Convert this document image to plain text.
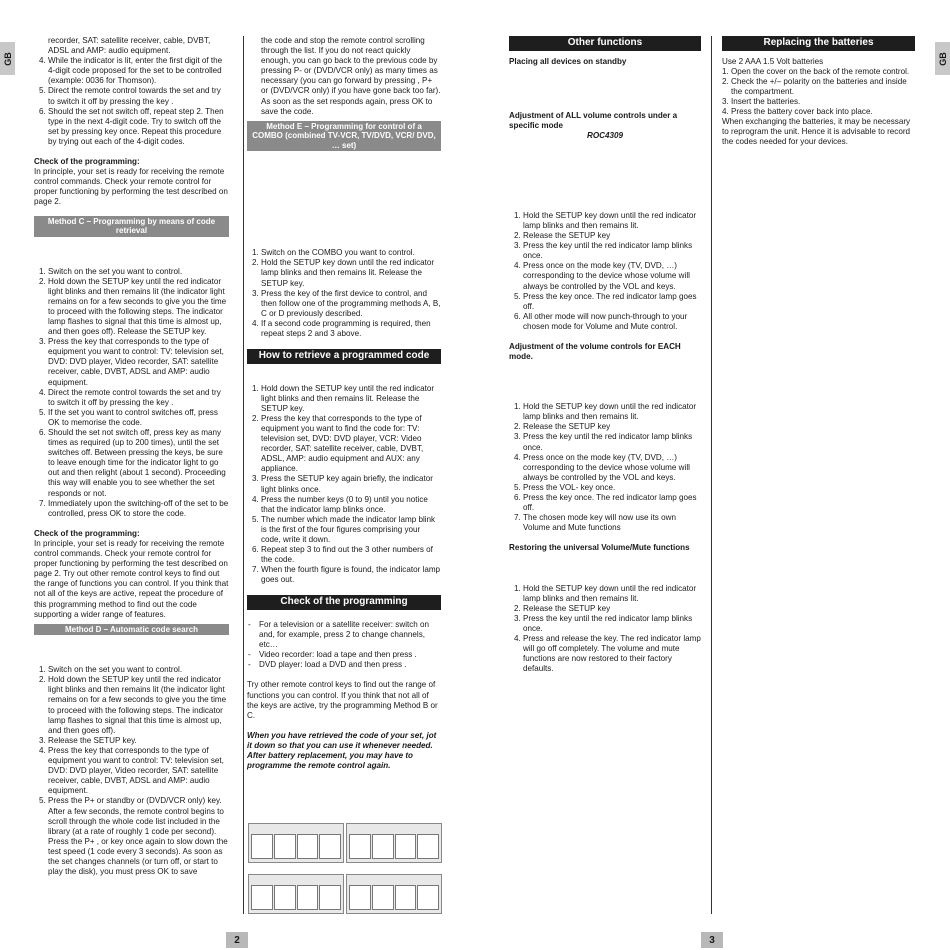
GB	GB
recorder, SAT: satellite receiver, cable, DVBT, ADSL and AMP: audio equipment.
4. While the indicator is lit, enter the first digit of the 4-digit code proposed for the set to be controlled (example: 0036 for Thomson).
5. Direct the remote control towards the set and try to switch it off by pressing the key .
6. Should the set not switch off, repeat step 2. Then type in the next 4-digit code. Try to switch off the set by pressing key once. Repeat this procedure by trying out each of the 4-digit codes.

Check of the programming:

In principle, your set is ready for receiving the remote control commands. Check your remote control for proper functioning by performing the test described on page 2.

Method C – Programming by means of code retrieval
1. Switch on the set you want to control.
2. Hold down the SETUP key until the red indicator light blinks and then remains lit (the indicator light remains on for a few seconds to give you the time to proceed with the following steps. The indicator lamp flashes to signal that this time is almost up, and then goes off). Release the SETUP key.
3. Press the key that corresponds to the type of equipment you want to control: TV: television set, DVD: DVD player, Video recorder, SAT: satellite receiver, cable, DVBT, ADSL and AMP: audio equipment.
4. Direct the remote control towards the set and try to switch it off by pressing the key .
5. If the set you want to control switches off, press OK to memorise the code.
6. Should the set not switch off, press key as many times as required (up to 200 times), until the set switches off. Between pressing the keys, be sure to leave enough time for the indicator light to go out and then relight (about 1 second). Proceeding this way will enable you to see whether the set responds or not.
7. Immediately upon the switching-off of the set to be controlled, press OK to store the code.

Check of the programming:

In principle, your set is ready for receiving the remote control commands. Check your remote control for proper functioning by performing the test described on page 2. Try out other remote control keys to find out the range of functions you can control. If you think that not all of the keys are active, repeat the procedure of this programming method to find out the code supporting a wider range of features.

Method D – Automatic code search
1. Switch on the set you want to control.
2. Hold down the SETUP key until the red indicator light blinks and then remains lit (the indicator light remains on for a few seconds to give you the time to proceed with the following steps. The indicator lamp flashes to signal that this time is almost up, and then goes off).
3. Release the SETUP key.
4. Press the key that corresponds to the type of equipment you want to control: TV: television set, DVD: DVD player, Video recorder, SAT: satellite receiver, cable, DVBT, ADSL and AMP: audio equipment.
5. Press the P+ or standby or (DVD/VCR only) key. After a few seconds, the remote control begins to scroll through the whole code list included in the library (at a rate of roughly 1 code per second). Press the P+ , or key once again to slow down the test speed (1 code every 3 seconds). As soon as the set changes channels (or turn off, or start to play the disk), you must press OK to save

the code and stop the remote control scrolling through the list. If you do not react quickly enough, you can go back to the previous code by pressing P- or (DVD/VCR only) as many times as necessary (you can go forward by pressing , P+ or (DVD/VCR only) if you have gone back too far). As soon as the set responds again, press OK to save the code.

Method E – Programming for control of a COMBO (combined TV-VCR, TV/DVD, VCR/ DVD, … set)
1. Switch on the COMBO you want to control.
2. Hold the SETUP key down until the red indicator lamp blinks and then remains lit. Release the SETUP key.
3. Press the key of the first device to control, and then follow one of the programming methods A, B, C or D previously described.
4. If a second code programming is required, then repeat steps 2 and 3 above.
How to retrieve a programmed code
1. Hold down the SETUP key until the red indicator light blinks and then remains lit. Release the SETUP key.
2. Press the key that corresponds to the type of equipment you want to find the code for: TV: television set, DVD: DVD player, VCR: Video recorder, SAT: satellite receiver, cable, DVBT, ADSL, AMP: audio equipment and AUX: any appliance.
3. Press the SETUP key again briefly, the indicator light blinks once.
4. Press the number keys (0 to 9) until you notice that the indicator lamp blinks once.
5. The number which made the indicator lamp blink is the first of the four figures comprising your code, write it down.
6. Repeat step 3 to find out the 3 other numbers of the code.
7. When the fourth figure is found, the indicator lamp goes out.
Check of the programming
- For a television or a satellite receiver: switch on and, for example, press 2 to change channels, etc…
- Video recorder: load a tape and then press .
- DVD player: load a DVD and then press .

Try other remote control keys to find out the range of functions you can control. If you think that not all of the keys are active, try the programming Method B or C.

When you have retrieved the code of your set, jot it down so that you can use it whenever needed. After battery replacement, you may have to programme the remote control again.

Other functions

Placing all devices on standby

Adjustment of ALL volume controls under a specific mode

ROC4309

1. Hold the SETUP key down until the red indicator lamp blinks and then remains lit.
2. Release the SETUP key
3. Press the key until the red indicator lamp blinks once.
4. Press once on the mode key (TV, DVD, …) corresponding to the device whose volume will always be controlled by the VOL and keys.
5. Press the key once. The red indicator lamp goes off.
6. All other mode will now punch-through to your chosen mode for Volume and Mute control.

Adjustment of the volume controls for EACH mode.

1. Hold the SETUP key down until the red indicator lamp blinks and then remains lit.
2. Release the SETUP key
3. Press the key until the red indicator lamp blinks once.
4. Press once on the mode key (TV, DVD, …) corresponding to the device whose volume will always be controlled by the VOL and keys.
5. Press the VOL- key once.
6. Press the key once. The red indicator lamp goes off.
7. The chosen mode key will now use its own Volume and Mute functions

Restoring the universal Volume/Mute functions

1. Hold the SETUP key down until the red indicator lamp blinks and then remains lit.
2. Release the SETUP key
3. Press the key until the red indicator lamp blinks once.
4. Press and release the key. The red indicator lamp will go off completely. The volume and mute functions are now restored to their factory defaults.
Replacing the batteries

Use 2 AAA 1.5 Volt batteries

1. Open the cover on the back of the remote control.

2. Check the +/– polarity on the batteries and inside the compartment.

3. Insert the batteries.

4. Press the battery cover back into place.

When exchanging the batteries, it may be necessary to reprogram the unit. Hence it is advisable to record the codes needed for your devices.

2	3
